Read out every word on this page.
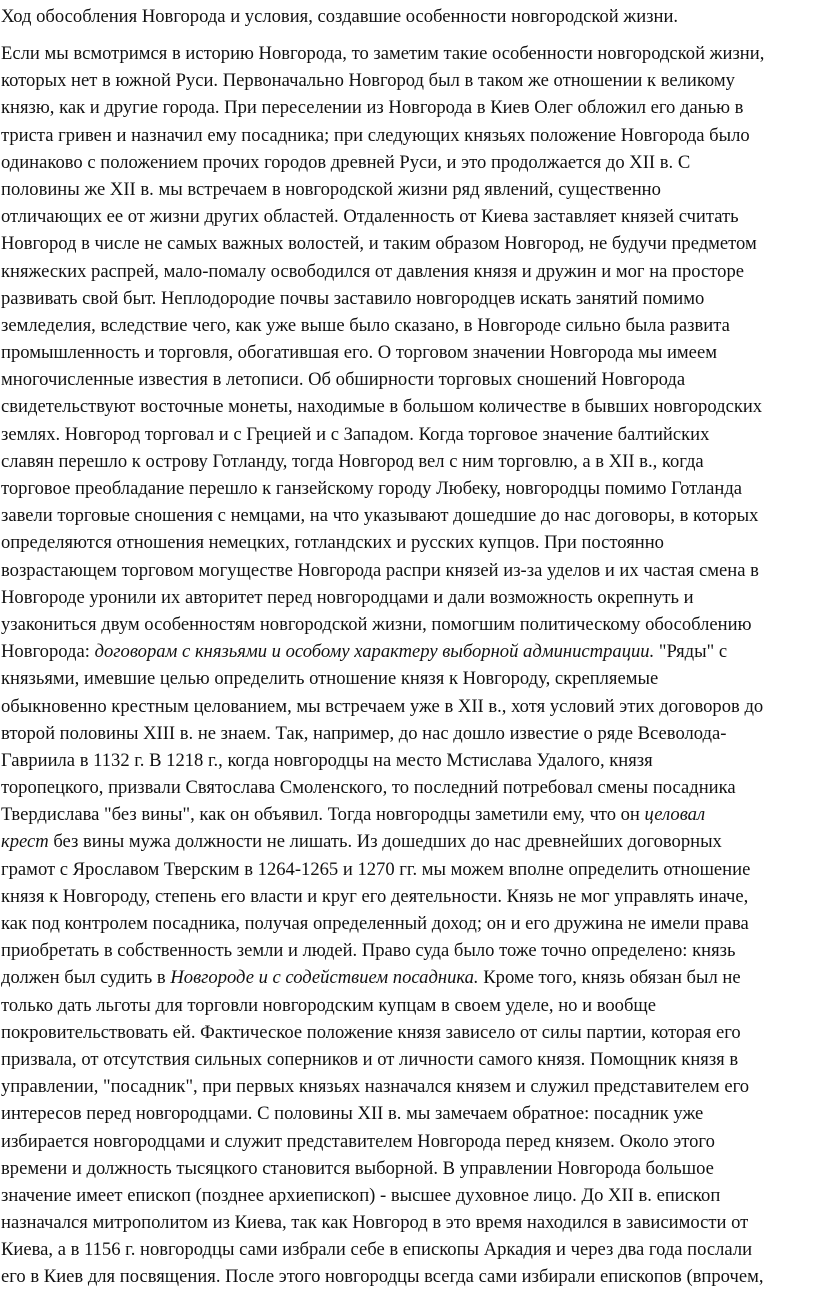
Ход обособления Новгорода и условия, создавшие особенности новгородской жизни.
Если мы всмотримся в историю Новгорода, то заметим такие особенности новгородской жизни,
которых нет в южной Руси. Первоначально Новгород был в таком же отношении к великому
князю, как и другие города. При переселении из Новгорода в Киев Олег обложил его данью в
триста гривен и назначил ему посадника; при следующих князьях положение Новгорода было
одинаково с положением прочих городов древней Руси, и это продолжается до XII в. С
половины же XII в. мы встречаем в новгородской жизни ряд явлений, существенно
отличающих ее от жизни других областей. Отдаленность от Киева заставляет князей считать
Новгород в числе не самых важных волостей, и таким образом Новгород, не будучи предметом
княжеских распрей, мало-помалу освободился от давления князя и дружин и мог на просторе
развивать свой быт. Неплодородие почвы заставило новгородцев искать занятий помимо
земледелия, вследствие чего, как уже выше было сказано, в Новгороде сильно была развита
промышленность и торговля, обогатившая его. О торговом значении Новгорода мы имеем
многочисленные известия в летописи. Об обширности торговых сношений Новгорода
свидетельствуют восточные монеты, находимые в большом количестве в бывших новгородских
землях. Новгород торговал и с Грецией и с Западом. Когда торговое значение балтийских
славян перешло к острову Готланду, тогда Новгород вел с ним торговлю, а в XII в., когда
торговое преобладание перешло к ганзейскому городу Любеку, новгородцы помимо Готланда
завели торговые сношения с немцами, на что указывают дошедшие до нас договоры, в которых
определяются отношения немецких, готландских и русских купцов. При постоянно
возрастающем торговом могуществе Новгорода распри князей из-за уделов и их частая смена в
Новгороде уронили их авторитет перед новгородцами и дали возможность окрепнуть и
узакониться двум особенностям новгородской жизни, помогшим политическому обособлению
Новгорода: договорам с князьями и особому характеру выборной администрации. "Ряды" с
князьями, имевшие целью определить отношение князя к Новгороду, скрепляемые
обыкновенно крестным целованием, мы встречаем уже в XII в., хотя условий этих договоров до
второй половины XIII в. не знаем. Так, например, до нас дошло известие о ряде Всеволода-
Гавриила в 1132 г. В 1218 г., когда новгородцы на место Мстислава Удалого, князя
торопецкого, призвали Святослава Смоленского, то последний потребовал смены посадника
Твердислава "без вины", как он объявил. Тогда новгородцы заметили ему, что он целовал
крест без вины мужа должности не лишать. Из дошедших до нас древнейших договорных
грамот с Ярославом Тверским в 1264-1265 и 1270 гг. мы можем вполне определить отношение
князя к Новгороду, степень его власти и круг его деятельности. Князь не мог управлять иначе,
как под контролем посадника, получая определенный доход; он и его дружина не имели права
приобретать в собственность земли и людей. Право суда было тоже точно определено: князь
должен был судить в Новгороде и с содействием посадника. Кроме того, князь обязан был не
только дать льготы для торговли новгородским купцам в своем уделе, но и вообще
покровительствовать ей. Фактическое положение князя зависело от силы партии, которая его
призвала, от отсутствия сильных соперников и от личности самого князя. Помощник князя в
управлении, "посадник", при первых князьях назначался князем и служил представителем его
интересов перед новгородцами. С половины XII в. мы замечаем обратное: посадник уже
избирается новгородцами и служит представителем Новгорода перед князем. Около этого
времени и должность тысяцкого становится выборной. В управлении Новгорода большое
значение имеет епископ (позднее архиепископ) - высшее духовное лицо. До XII в. епископ
назначался митрополитом из Киева, так как Новгород в это время находился в зависимости от
Киева, а в 1156 г. новгородцы сами избрали себе в епископы Аркадия и через два года послали
его в Киев для посвящения. После этого новгородцы всегда сами избирали епископов (впрочем,
